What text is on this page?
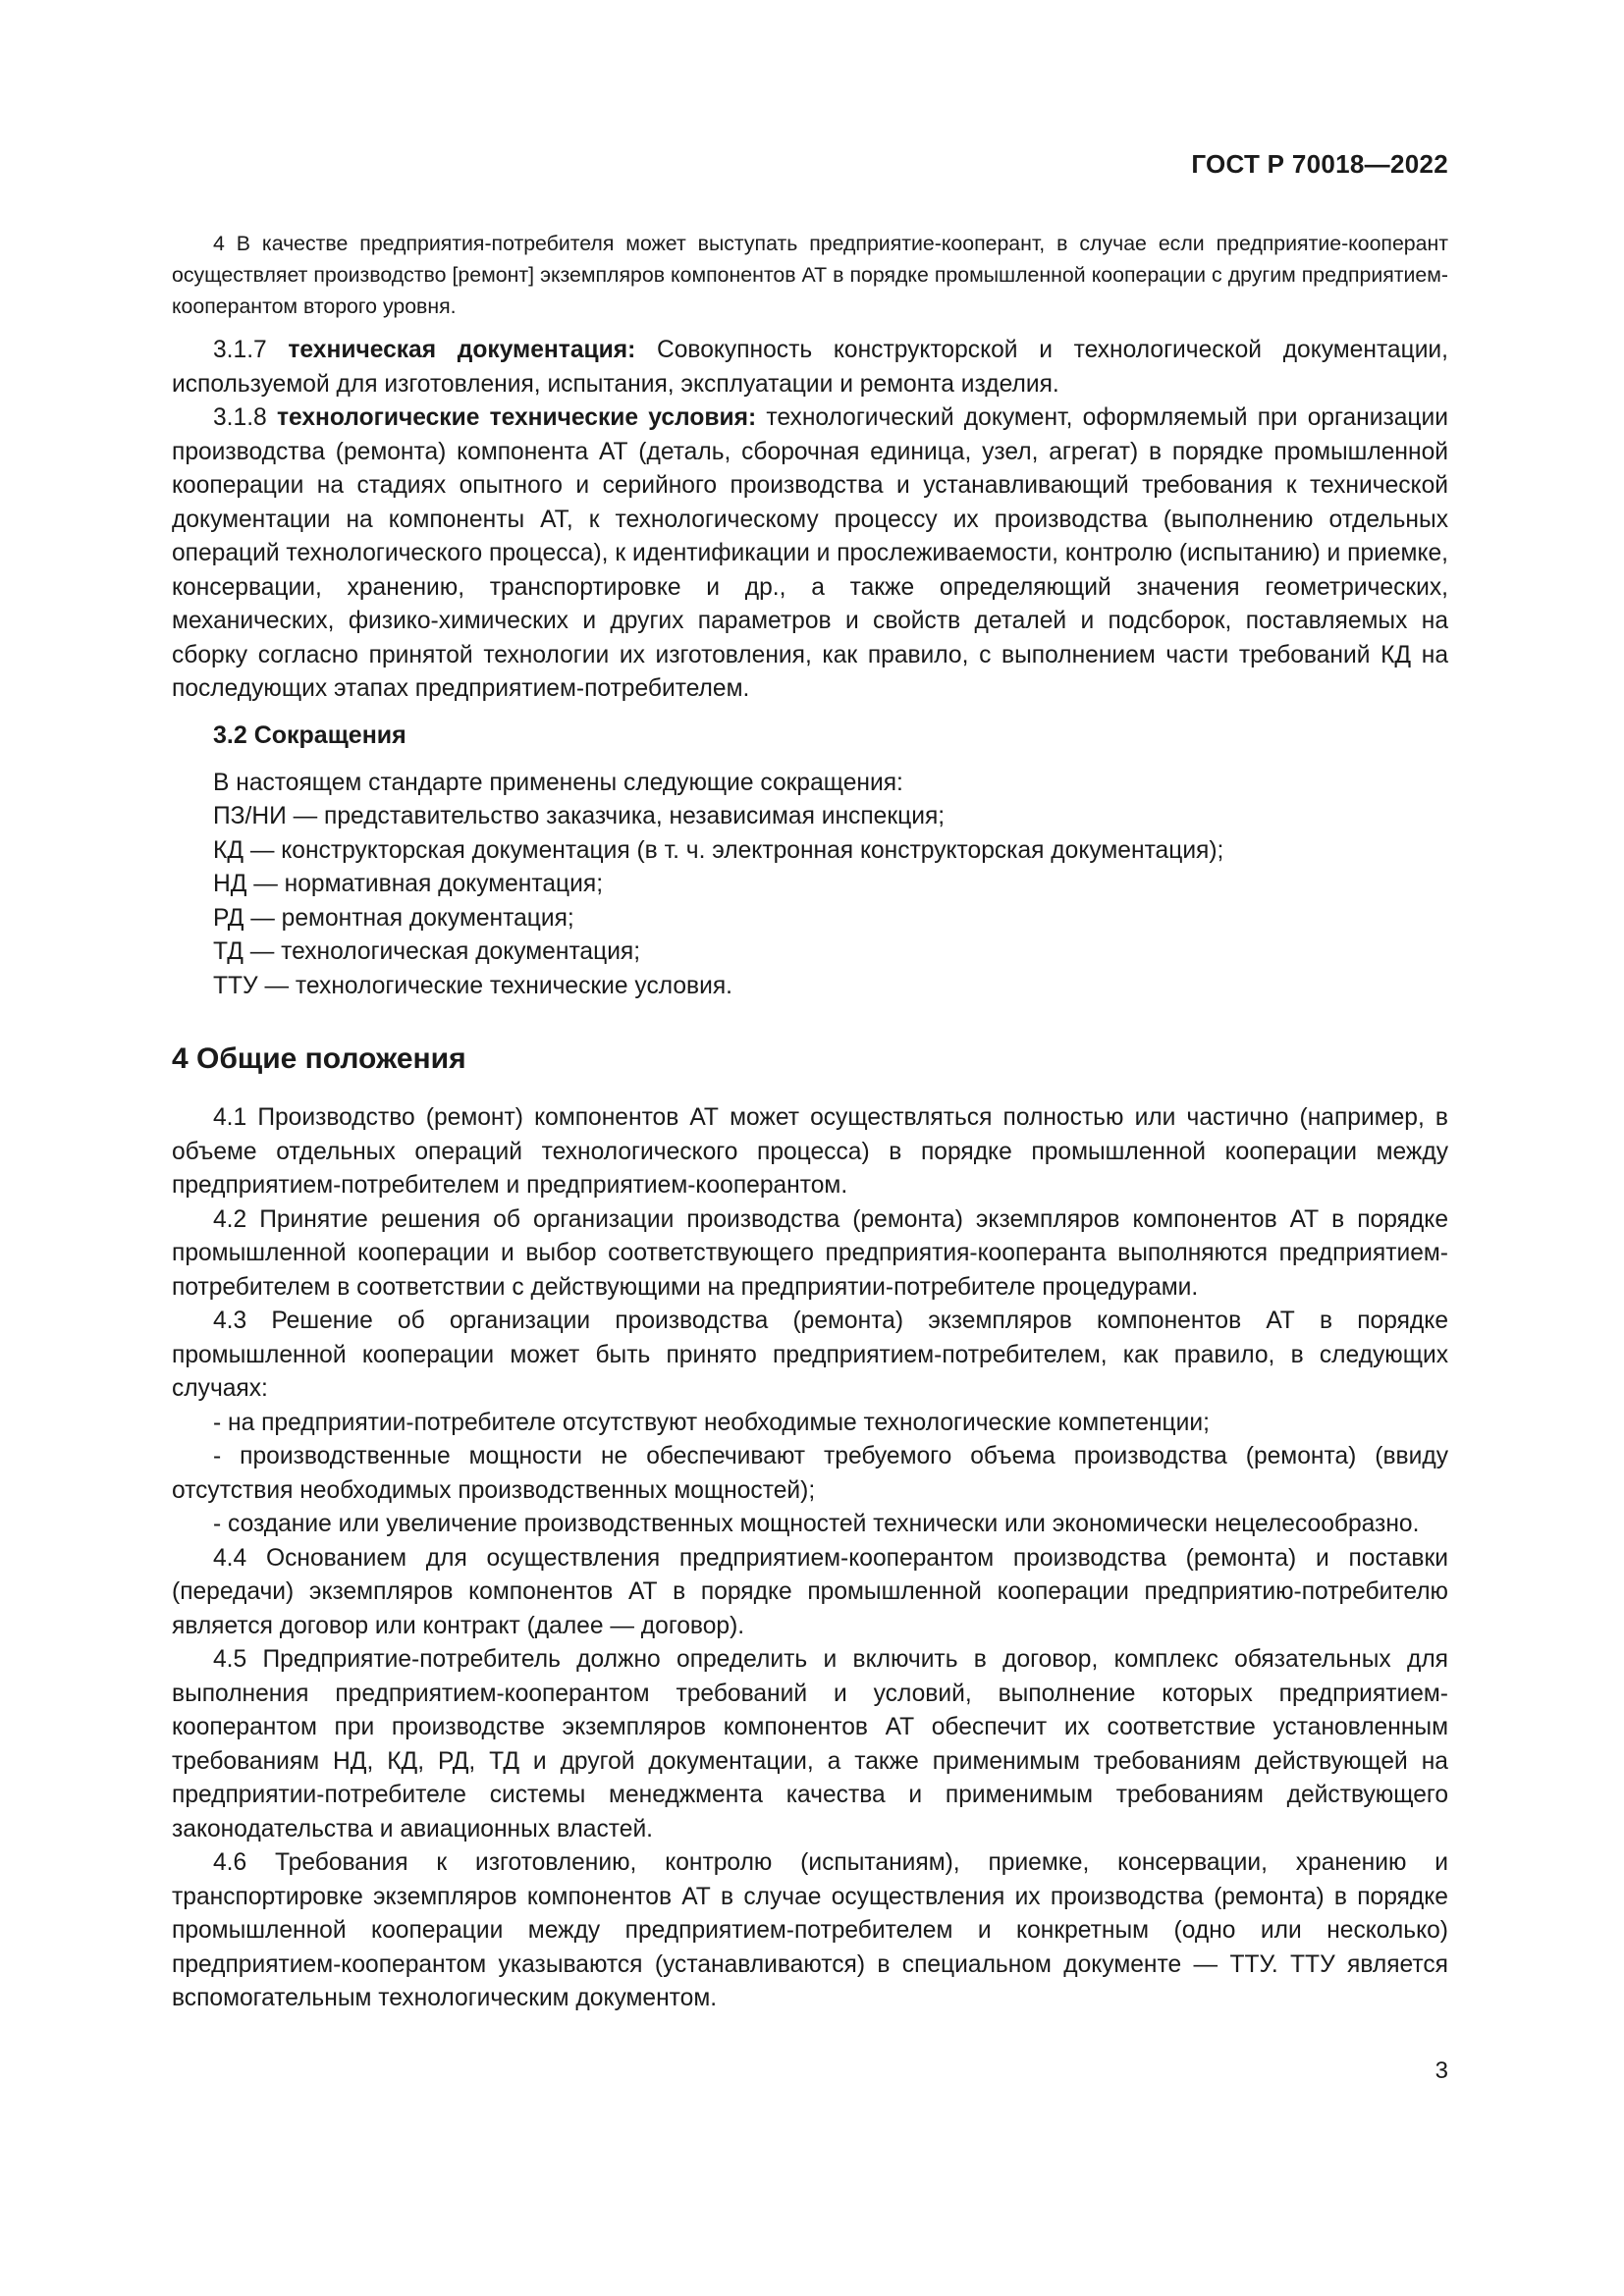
ГОСТ Р 70018—2022

4 В качестве предприятия-потребителя может выступать предприятие-кооперант, в случае если предприятие-кооперант осуществляет производство [ремонт] экземпляров компонентов АТ в порядке промышленной кооперации с другим предприятием-кооперантом второго уровня.

3.1.7 техническая документация: Совокупность конструкторской и технологической документации, используемой для изготовления, испытания, эксплуатации и ремонта изделия.

3.1.8 технологические технические условия: технологический документ, оформляемый при организации производства (ремонта) компонента АТ (деталь, сборочная единица, узел, агрегат) в порядке промышленной кооперации на стадиях опытного и серийного производства и устанавливающий требования к технической документации на компоненты АТ, к технологическому процессу их производства (выполнению отдельных операций технологического процесса), к идентификации и прослеживаемости, контролю (испытанию) и приемке, консервации, хранению, транспортировке и др., а также определяющий значения геометрических, механических, физико-химических и других параметров и свойств деталей и подсборок, поставляемых на сборку согласно принятой технологии их изготовления, как правило, с выполнением части требований КД на последующих этапах предприятием-потребителем.

3.2 Сокращения

В настоящем стандарте применены следующие сокращения:

ПЗ/НИ — представительство заказчика, независимая инспекция;

КД — конструкторская документация (в т. ч. электронная конструкторская документация);

НД — нормативная документация;

РД — ремонтная документация;

ТД — технологическая документация;

ТТУ — технологические технические условия.

4 Общие положения

4.1 Производство (ремонт) компонентов АТ может осуществляться полностью или частично (например, в объеме отдельных операций технологического процесса) в порядке промышленной кооперации между предприятием-потребителем и предприятием-кооперантом.

4.2 Принятие решения об организации производства (ремонта) экземпляров компонентов АТ в порядке промышленной кооперации и выбор соответствующего предприятия-кооперанта выполняются предприятием-потребителем в соответствии с действующими на предприятии-потребителе процедурами.

4.3 Решение об организации производства (ремонта) экземпляров компонентов АТ в порядке промышленной кооперации может быть принято предприятием-потребителем, как правило, в следующих случаях:

- на предприятии-потребителе отсутствуют необходимые технологические компетенции;

- производственные мощности не обеспечивают требуемого объема производства (ремонта) (ввиду отсутствия необходимых производственных мощностей);

- создание или увеличение производственных мощностей технически или экономически нецелесообразно.

4.4 Основанием для осуществления предприятием-кооперантом производства (ремонта) и поставки (передачи) экземпляров компонентов АТ в порядке промышленной кооперации предприятию-потребителю является договор или контракт (далее — договор).

4.5 Предприятие-потребитель должно определить и включить в договор, комплекс обязательных для выполнения предприятием-кооперантом требований и условий, выполнение которых предприятием-кооперантом при производстве экземпляров компонентов АТ обеспечит их соответствие установленным требованиям НД, КД, РД, ТД и другой документации, а также применимым требованиям действующей на предприятии-потребителе системы менеджмента качества и применимым требованиям действующего законодательства и авиационных властей.

4.6 Требования к изготовлению, контролю (испытаниям), приемке, консервации, хранению и транспортировке экземпляров компонентов АТ в случае осуществления их производства (ремонта) в порядке промышленной кооперации между предприятием-потребителем и конкретным (одно или несколько) предприятием-кооперантом указываются (устанавливаются) в специальном документе — ТТУ. ТТУ является вспомогательным технологическим документом.

3
